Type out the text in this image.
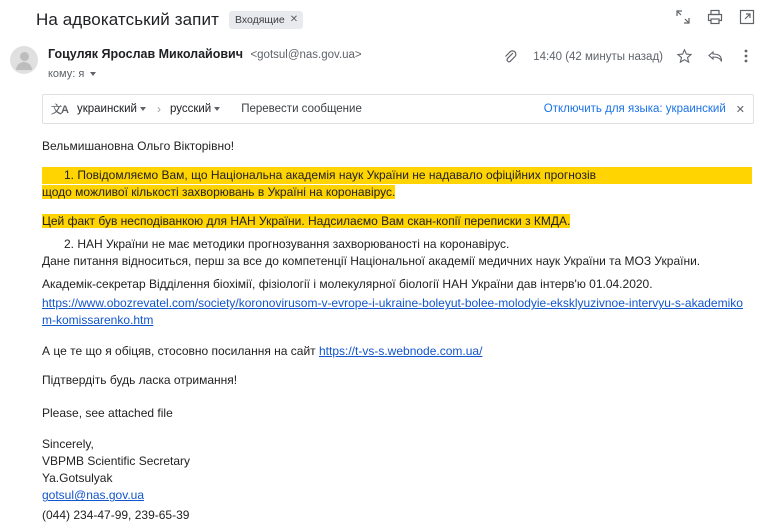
На адвокатський запит Входящие ✕
Гоцуляк Ярослав Миколайович <gotsul@nas.gov.ua>
кому: я
14:40 (42 минуты назад)
文A украинский › русский	Перевести сообщение	Отключить для языка: украинский ✕

Вельмишановна Ольго Вікторівно!

1. Повідомляємо Вам, що Національна академія наук України не надавало офіційних прогнозів
щодо можливої кількості захворювань в Україні на коронавірус.

Цей факт був несподіванкою для НАН України. Надсилаємо Вам скан-копії переписки з КМДА.

2. НАН України не має методики прогнозування захворюваності на коронавірус.
Дане питання відноситься, перш за все до компетенції Національної академії медичних наук України та МОЗ України.

Академік-секретар Відділення біохімії, фізіології і молекулярної біології НАН України дав інтерв'ю 01.04.2020.

https://www.obozrevatel.com/society/koronovirusom-v-evrope-i-ukraine-boleyut-bolee-molodyie-eksklyuzivnoe-intervyu-s-akademikom-komissarenko.htm

А це те що я обіцяв, стосовно посилання на сайт https://t-vs-s.webnode.com.ua/

Підтвердіть будь ласка отримання!

Please, see attached file

Sincerely,
VBPMB Scientific Secretary
Ya.Gotsulyak

gotsul@nas.gov.ua

(044) 234-47-99, 239-65-39
